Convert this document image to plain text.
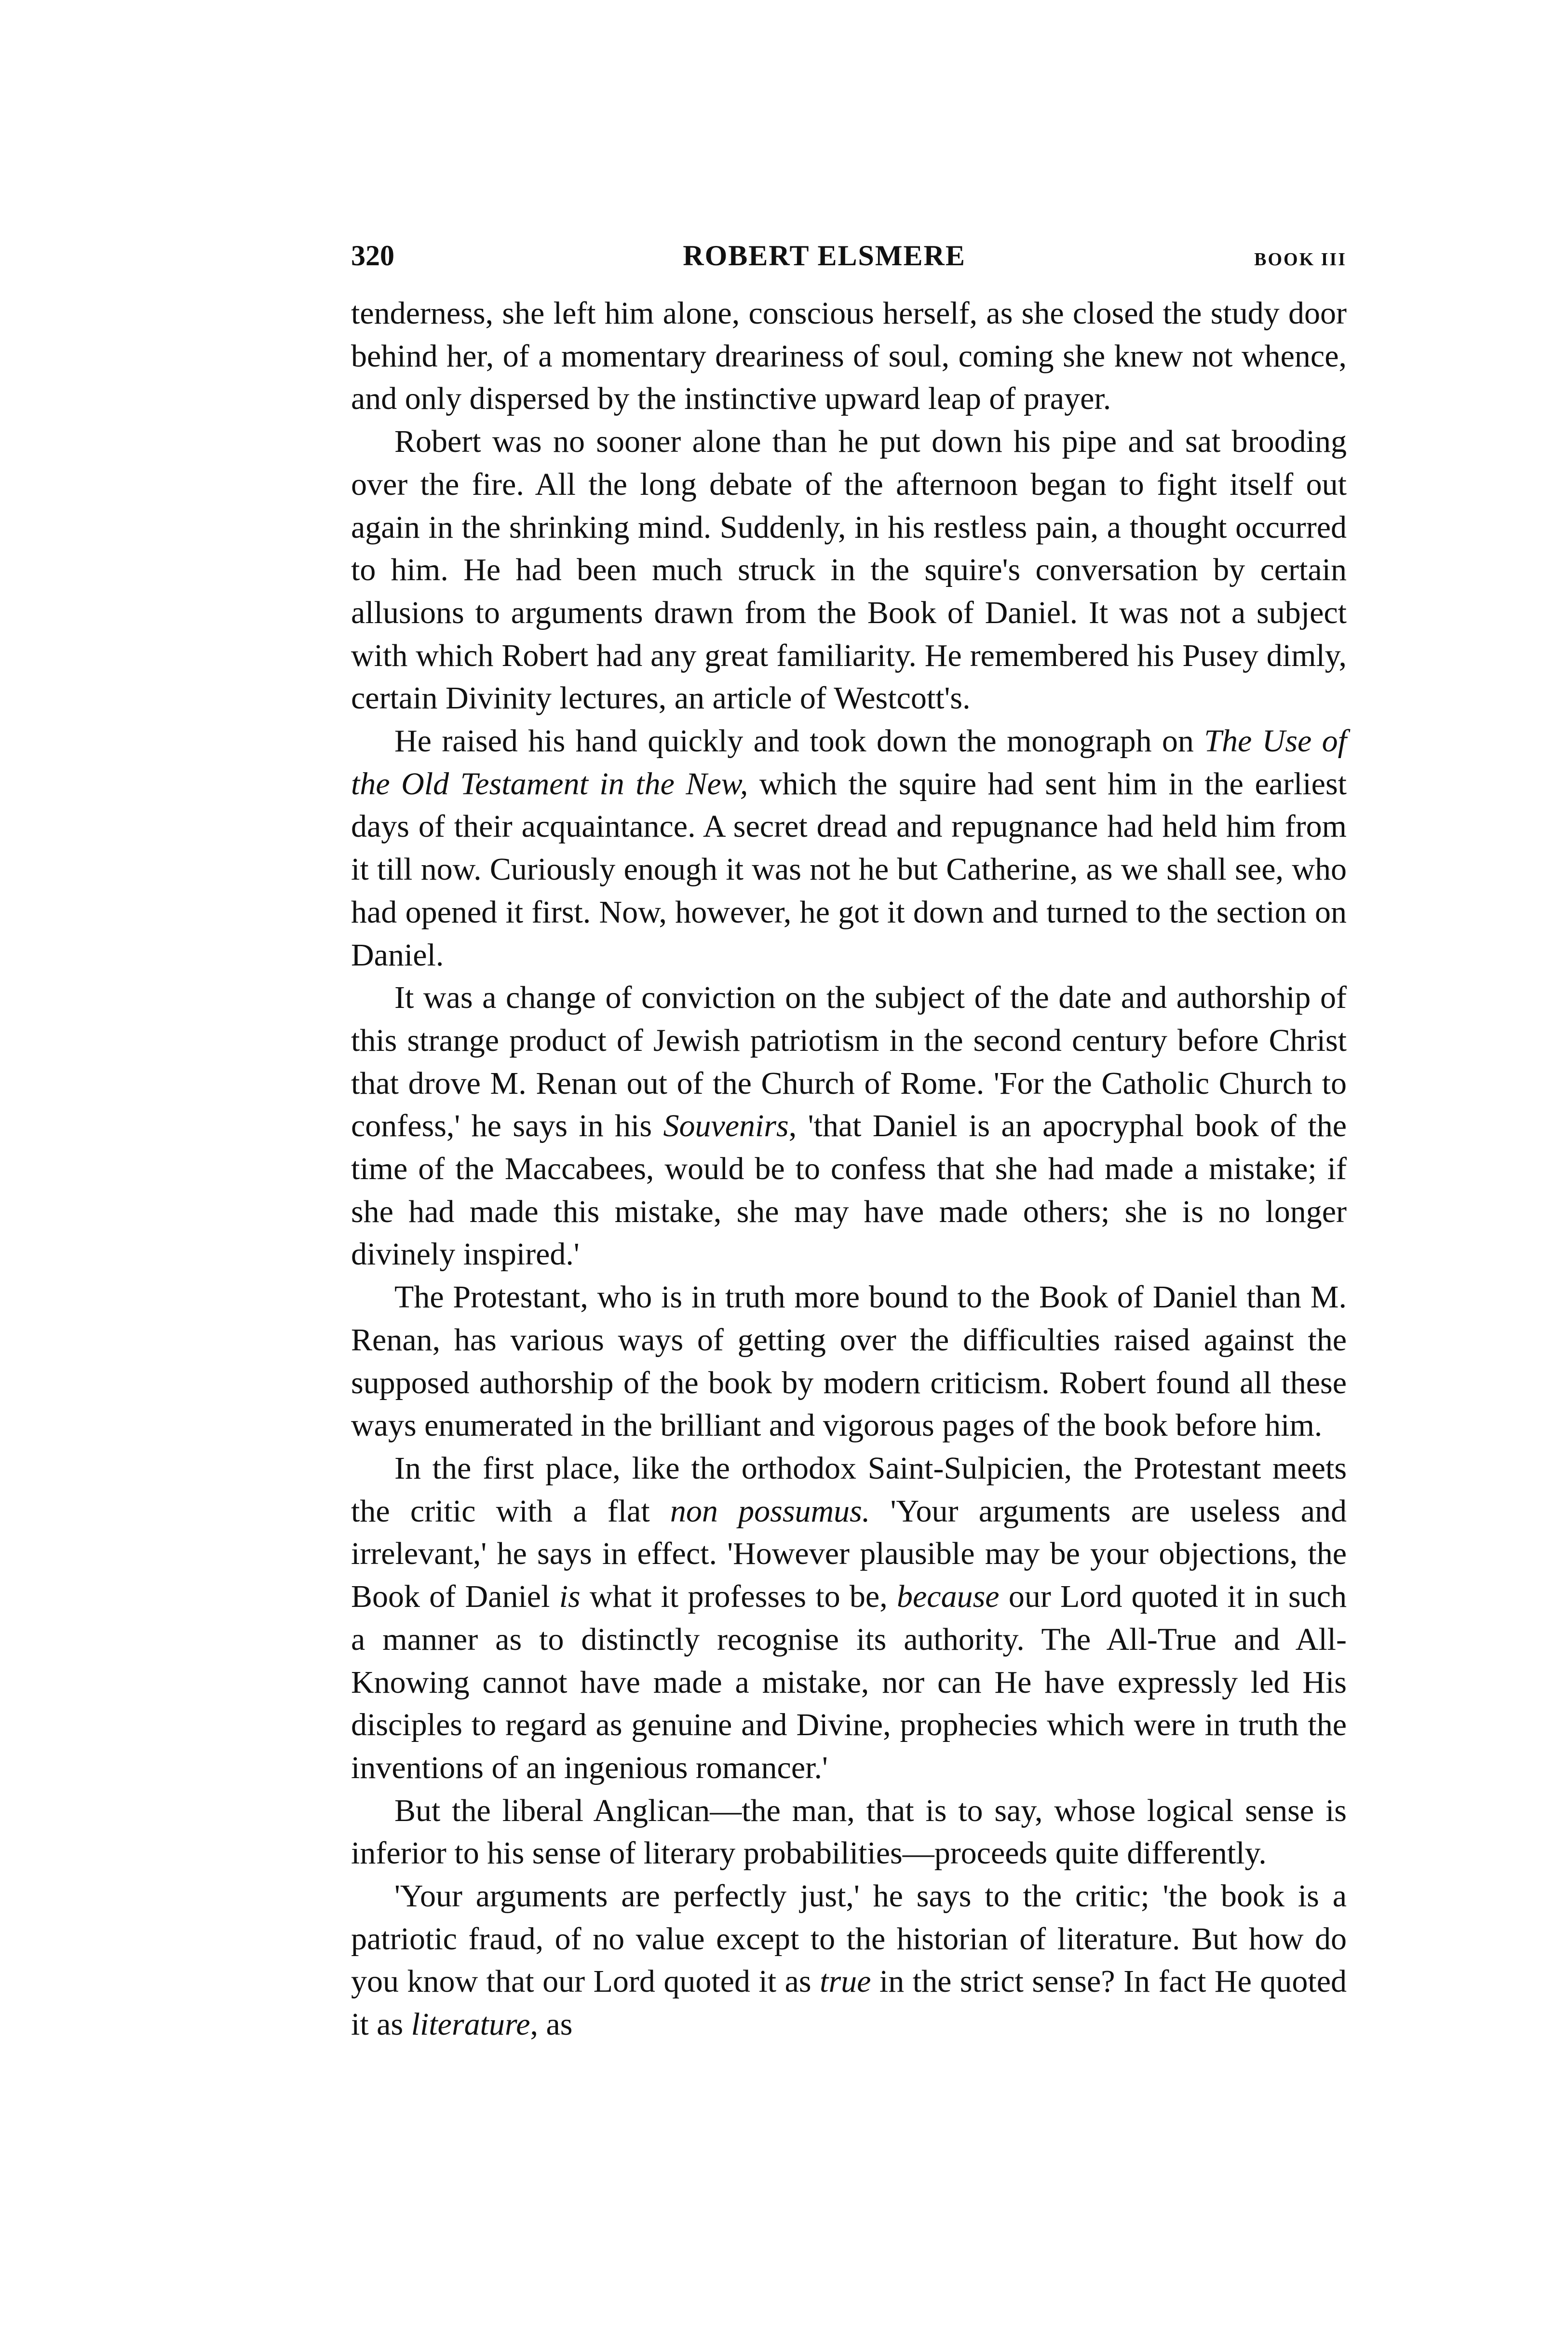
320	ROBERT ELSMERE	BOOK III

tenderness, she left him alone, conscious herself, as she closed the study door behind her, of a momentary dreariness of soul, coming she knew not whence, and only dispersed by the instinctive upward leap of prayer.

Robert was no sooner alone than he put down his pipe and sat brooding over the fire. All the long debate of the afternoon began to fight itself out again in the shrinking mind. Suddenly, in his restless pain, a thought occurred to him. He had been much struck in the squire's conversation by certain allusions to arguments drawn from the Book of Daniel. It was not a subject with which Robert had any great familiarity. He remembered his Pusey dimly, certain Divinity lectures, an article of Westcott's.

He raised his hand quickly and took down the monograph on The Use of the Old Testament in the New, which the squire had sent him in the earliest days of their acquaintance. A secret dread and repugnance had held him from it till now. Curiously enough it was not he but Catherine, as we shall see, who had opened it first. Now, however, he got it down and turned to the section on Daniel.

It was a change of conviction on the subject of the date and authorship of this strange product of Jewish patriotism in the second century before Christ that drove M. Renan out of the Church of Rome. 'For the Catholic Church to confess,' he says in his Souvenirs, 'that Daniel is an apocryphal book of the time of the Maccabees, would be to confess that she had made a mistake; if she had made this mistake, she may have made others; she is no longer divinely inspired.'

The Protestant, who is in truth more bound to the Book of Daniel than M. Renan, has various ways of getting over the difficulties raised against the supposed authorship of the book by modern criticism. Robert found all these ways enumerated in the brilliant and vigorous pages of the book before him.

In the first place, like the orthodox Saint-Sulpicien, the Protestant meets the critic with a flat non possumus. 'Your arguments are useless and irrelevant,' he says in effect. 'However plausible may be your objections, the Book of Daniel is what it professes to be, because our Lord quoted it in such a manner as to distinctly recognise its authority. The All-True and All-Knowing cannot have made a mistake, nor can He have expressly led His disciples to regard as genuine and Divine, prophecies which were in truth the inventions of an ingenious romancer.'

But the liberal Anglican—the man, that is to say, whose logical sense is inferior to his sense of literary probabilities—proceeds quite differently.

'Your arguments are perfectly just,' he says to the critic; 'the book is a patriotic fraud, of no value except to the historian of literature. But how do you know that our Lord quoted it as true in the strict sense? In fact He quoted it as literature, as
